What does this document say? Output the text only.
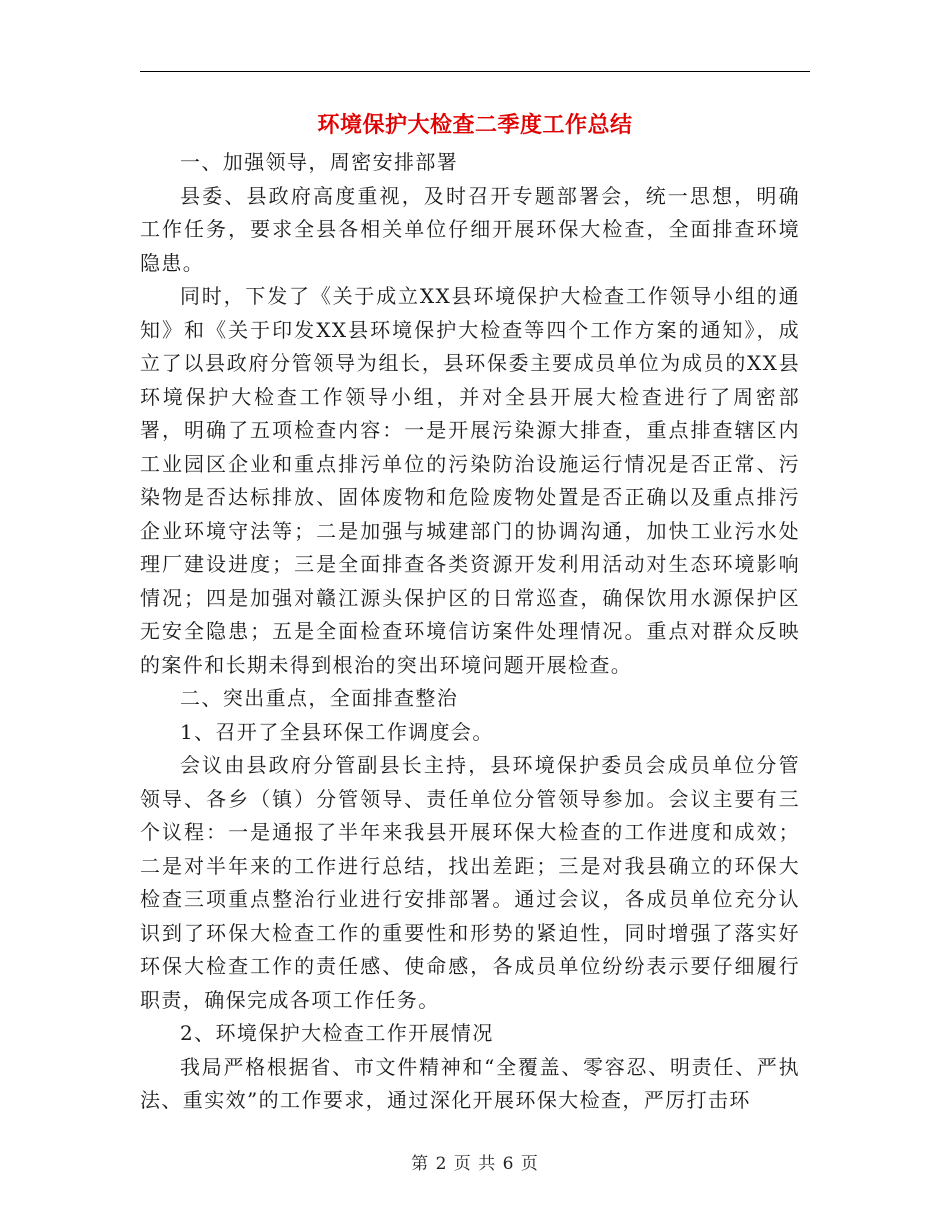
环境保护大检查二季度工作总结

一、加强领导，周密安排部署

县委、县政府高度重视，及时召开专题部署会，统一思想，明确工作任务，要求全县各相关单位仔细开展环保大检查，全面排查环境隐患。

同时，下发了《关于成立XX县环境保护大检查工作领导小组的通知》和《关于印发XX县环境保护大检查等四个工作方案的通知》，成立了以县政府分管领导为组长，县环保委主要成员单位为成员的XX县环境保护大检查工作领导小组，并对全县开展大检查进行了周密部署，明确了五项检查内容：一是开展污染源大排查，重点排查辖区内工业园区企业和重点排污单位的污染防治设施运行情况是否正常、污染物是否达标排放、固体废物和危险废物处置是否正确以及重点排污企业环境守法等；二是加强与城建部门的协调沟通，加快工业污水处理厂建设进度；三是全面排查各类资源开发利用活动对生态环境影响情况；四是加强对赣江源头保护区的日常巡查，确保饮用水源保护区无安全隐患；五是全面检查环境信访案件处理情况。重点对群众反映的案件和长期未得到根治的突出环境问题开展检查。

二、突出重点，全面排查整治

1、召开了全县环保工作调度会。

会议由县政府分管副县长主持，县环境保护委员会成员单位分管领导、各乡（镇）分管领导、责任单位分管领导参加。会议主要有三个议程：一是通报了半年来我县开展环保大检查的工作进度和成效；二是对半年来的工作进行总结，找出差距；三是对我县确立的环保大检查三项重点整治行业进行安排部署。通过会议，各成员单位充分认识到了环保大检查工作的重要性和形势的紧迫性，同时增强了落实好环保大检查工作的责任感、使命感，各成员单位纷纷表示要仔细履行职责，确保完成各项工作任务。

2、环境保护大检查工作开展情况

我局严格根据省、市文件精神和“全覆盖、零容忍、明责任、严执法、重实效”的工作要求，通过深化开展环保大检查，严厉打击环

第 2 页 共 6 页
